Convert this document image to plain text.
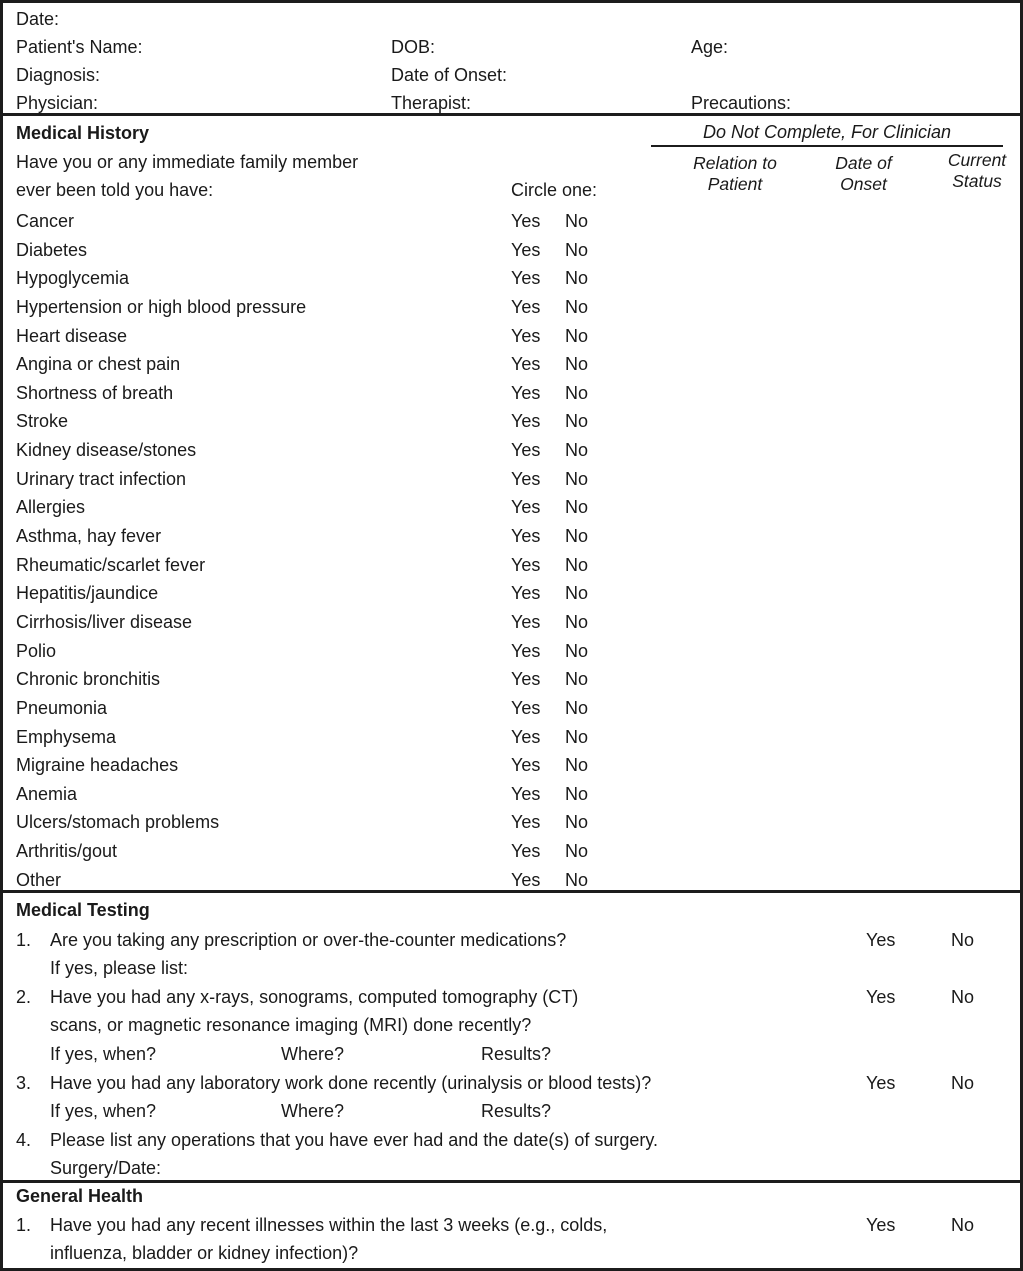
Date:
Patient's Name:	DOB:	Age:
Diagnosis:	Date of Onset:
Physician:	Therapist:	Precautions:
Medical History	Do Not Complete, For Clinician
Have you or any immediate family member
ever been told you have:	Circle one:
Relation to
Patient
Date of
Onset
Current
Status
Cancer	Yes No
Diabetes	Yes No
Hypoglycemia	Yes No
Hypertension or high blood pressure	Yes No
Heart disease	Yes No
Angina or chest pain	Yes No
Shortness of breath	Yes No
Stroke	Yes No
Kidney disease/stones	Yes No
Urinary tract infection	Yes No
Allergies	Yes No
Asthma, hay fever	Yes No
Rheumatic/scarlet fever	Yes No
Hepatitis/jaundice	Yes No
Cirrhosis/liver disease	Yes No
Polio	Yes No
Chronic bronchitis	Yes No
Pneumonia	Yes No
Emphysema	Yes No
Migraine headaches	Yes No
Anemia	Yes No
Ulcers/stomach problems	Yes No
Arthritis/gout	Yes No
Other	Yes No
Medical Testing
1. Are you taking any prescription or over-the-counter medications?	Yes	No
If yes, please list:
2. Have you had any x-rays, sonograms, computed tomography (CT)	Yes	No
scans, or magnetic resonance imaging (MRI) done recently?
If yes, when?	Where?	Results?
3. Have you had any laboratory work done recently (urinalysis or blood tests)?	Yes	No
If yes, when?	Where?	Results?
4. Please list any operations that you have ever had and the date(s) of surgery.
Surgery/Date:
General Health
1. Have you had any recent illnesses within the last 3 weeks (e.g., colds,	Yes	No
influenza, bladder or kidney infection)?
